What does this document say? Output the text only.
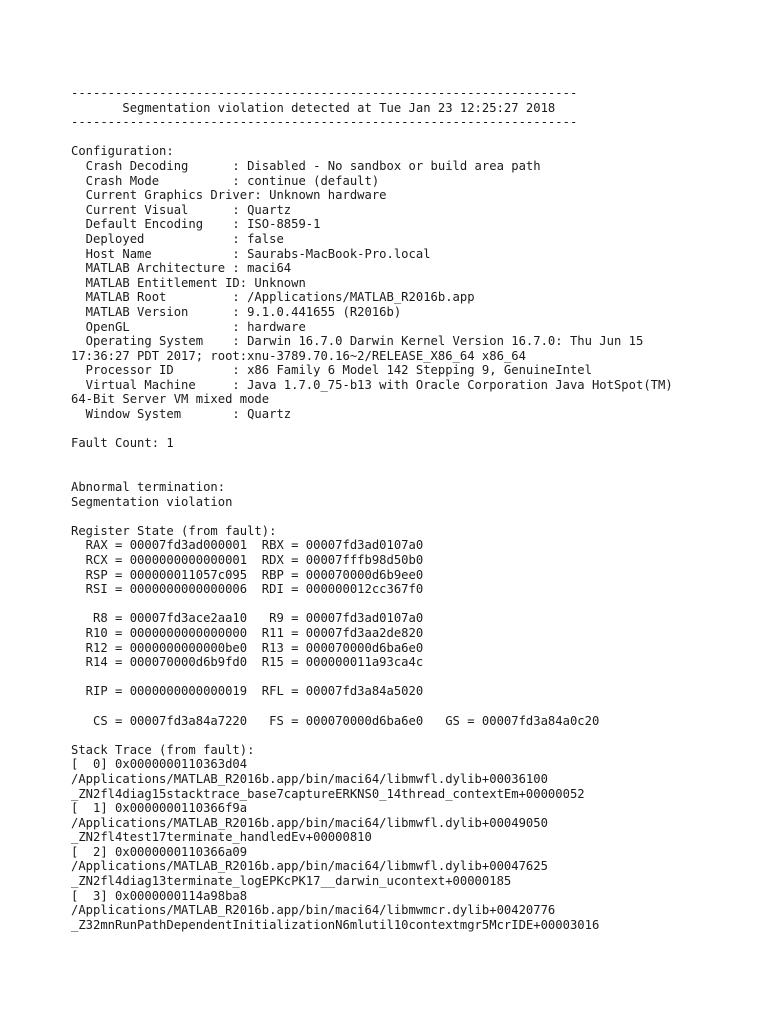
---------------------------------------------------------------------
Segmentation violation detected at Tue Jan 23 12:25:27 2018
---------------------------------------------------------------------
Configuration:
Crash Decoding      : Disabled - No sandbox or build area path
Crash Mode          : continue (default)
Current Graphics Driver: Unknown hardware
Current Visual      : Quartz
Default Encoding    : ISO-8859-1
Deployed            : false
Host Name           : Saurabs-MacBook-Pro.local
MATLAB Architecture : maci64
MATLAB Entitlement ID: Unknown
MATLAB Root         : /Applications/MATLAB_R2016b.app
MATLAB Version      : 9.1.0.441655 (R2016b)
OpenGL              : hardware
Operating System    : Darwin 16.7.0 Darwin Kernel Version 16.7.0: Thu Jun 15
17:36:27 PDT 2017; root:xnu-3789.70.16~2/RELEASE_X86_64 x86_64
Processor ID        : x86 Family 6 Model 142 Stepping 9, GenuineIntel
Virtual Machine     : Java 1.7.0_75-b13 with Oracle Corporation Java HotSpot(TM)
64-Bit Server VM mixed mode
Window System       : Quartz
Fault Count: 1
Abnormal termination:
Segmentation violation
Register State (from fault):
RAX = 00007fd3ad000001  RBX = 00007fd3ad0107a0
RCX = 0000000000000001  RDX = 00007fffb98d50b0
RSP = 000000011057c095  RBP = 000070000d6b9ee0
RSI = 0000000000000006  RDI = 000000012cc367f0
R8 = 00007fd3ace2aa10   R9 = 00007fd3ad0107a0
R10 = 0000000000000000  R11 = 00007fd3aa2de820
R12 = 0000000000000be0  R13 = 000070000d6ba6e0
R14 = 000070000d6b9fd0  R15 = 000000011a93ca4c
RIP = 0000000000000019  RFL = 00007fd3a84a5020
CS = 00007fd3a84a7220   FS = 000070000d6ba6e0   GS = 00007fd3a84a0c20
Stack Trace (from fault):
[  0] 0x0000000110363d04
/Applications/MATLAB_R2016b.app/bin/maci64/libmwfl.dylib+00036100
_ZN2fl4diag15stacktrace_base7captureERKNS0_14thread_contextEm+00000052
[  1] 0x0000000110366f9a
/Applications/MATLAB_R2016b.app/bin/maci64/libmwfl.dylib+00049050
_ZN2fl4test17terminate_handledEv+00000810
[  2] 0x0000000110366a09
/Applications/MATLAB_R2016b.app/bin/maci64/libmwfl.dylib+00047625
_ZN2fl4diag13terminate_logEPKcPK17__darwin_ucontext+00000185
[  3] 0x0000000114a98ba8
/Applications/MATLAB_R2016b.app/bin/maci64/libmwmcr.dylib+00420776
_Z32mnRunPathDependentInitializationN6mlutil10contextmgr5McrIDE+00003016
